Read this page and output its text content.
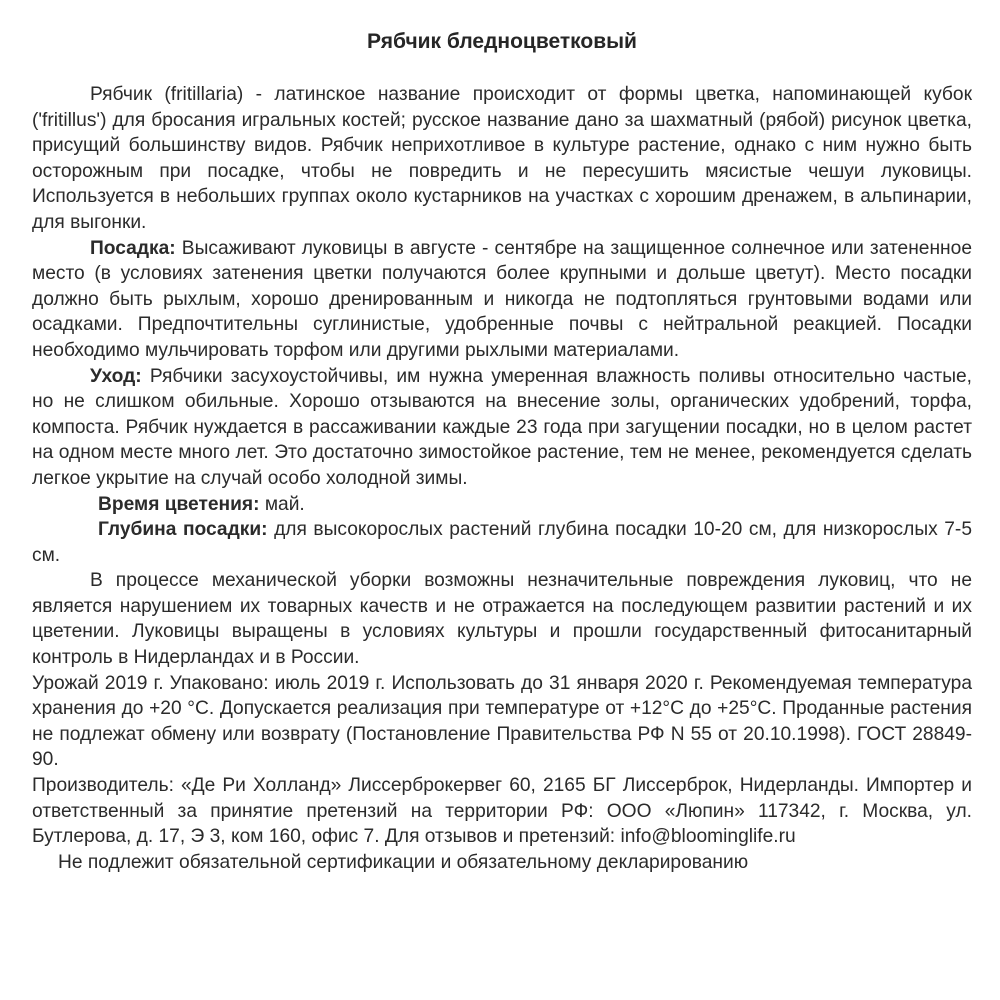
Рябчик бледноцветковый

Рябчик (fritillaria) - латинское название происходит от формы цветка, напоминающей кубок ('fritillus') для бросания игральных костей; русское название дано за шахматный (рябой) рисунок цветка, присущий большинству видов. Рябчик неприхотливое в культуре растение, однако с ним нужно быть осторожным при посадке, чтобы не повредить и не пересушить мясистые чешуи луковицы. Используется в небольших группах около кустарников на участках с хорошим дренажем, в альпинарии, для выгонки.

Посадка: Высаживают луковицы в августе - сентябре на защищенное солнечное или затененное место (в условиях затенения цветки получаются более крупными и дольше цветут). Место посадки должно быть рыхлым, хорошо дренированным и никогда не подтопляться грунтовыми водами или осадками. Предпочтительны суглинистые, удобренные почвы с нейтральной реакцией. Посадки необходимо мульчировать торфом или другими рыхлыми материалами.

Уход: Рябчики засухоустойчивы, им нужна умеренная влажность поливы относительно частые, но не слишком обильные. Хорошо отзываются на внесение золы, органических удобрений, торфа, компоста. Рябчик нуждается в рассаживании каждые 23 года при загущении посадки, но в целом растет на одном месте много лет. Это достаточно зимостойкое растение, тем не менее, рекомендуется сделать легкое укрытие на случай особо холодной зимы.

Время цветения: май.

Глубина посадки: для высокорослых растений глубина посадки 10-20 см, для низкорослых 7-5 см.

В процессе механической уборки возможны незначительные повреждения луковиц, что не является нарушением их товарных качеств и не отражается на последующем развитии растений и их цветении. Луковицы выращены в условиях культуры и прошли государственный фитосанитарный контроль в Нидерландах и в России.

Урожай 2019 г. Упаковано: июль 2019 г. Использовать до 31 января 2020 г. Рекомендуемая температура хранения до +20 °С. Допускается реализация при температуре от +12°С до +25°С. Проданные растения не подлежат обмену или возврату (Постановление Правительства РФ N 55 от 20.10.1998). ГОСТ 28849-90.

Производитель: «Де Ри Холланд» Лиссерброкервег 60, 2165 БГ Лиссерброк, Нидерланды. Импортер и ответственный за принятие претензий на территории РФ: ООО «Люпин» 117342, г. Москва, ул. Бутлерова, д. 17, Э 3, ком 160, офис 7. Для отзывов и претензий: info@bloominglife.ru

Не подлежит обязательной сертификации и обязательному декларированию
